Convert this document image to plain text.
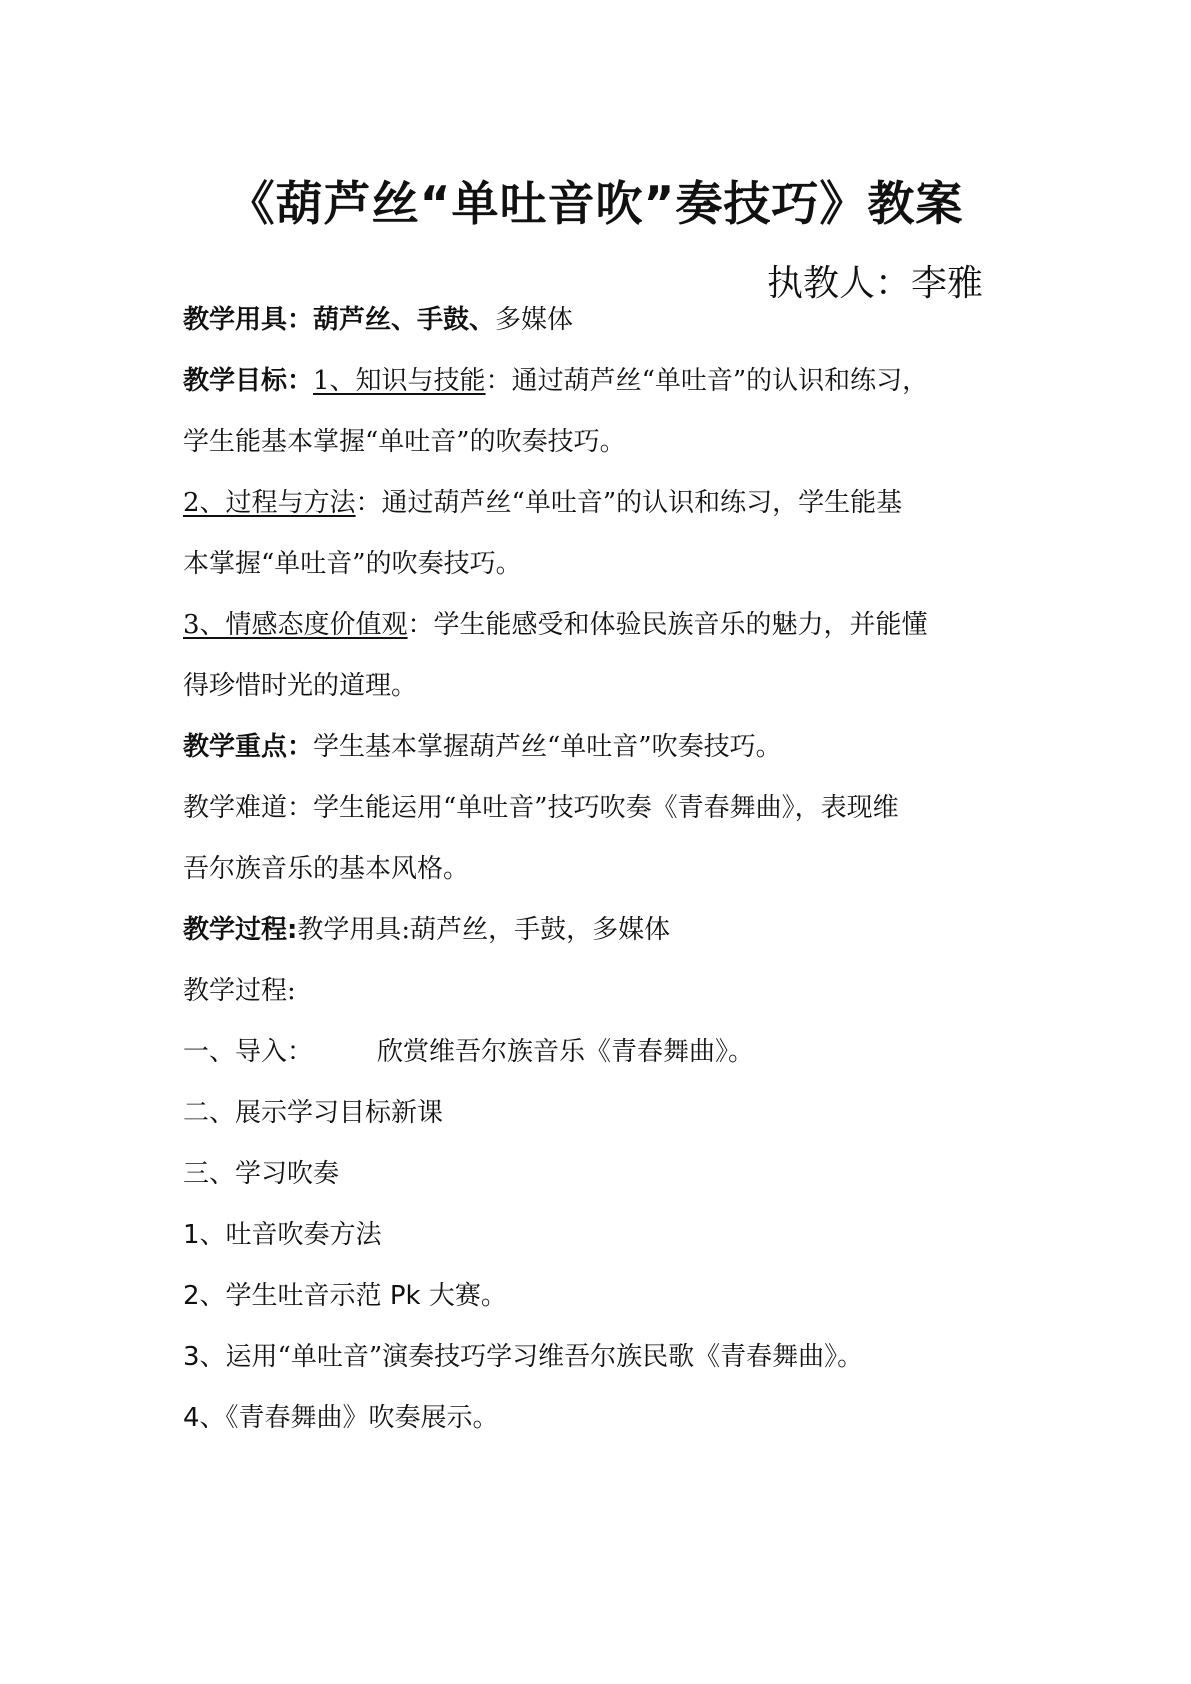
《葫芦丝“单吐音吹”奏技巧》教案
执教人：李雅
教学用具：葫芦丝、手鼓、多媒体
教学目标：1、知识与技能：通过葫芦丝“单吐音”的认识和练习，
学生能基本掌握“单吐音”的吹奏技巧。
2、过程与方法：通过葫芦丝“单吐音”的认识和练习，学生能基
本掌握“单吐音”的吹奏技巧。
3、情感态度价值观：学生能感受和体验民族音乐的魅力，并能懂
得珍惜时光的道理。
教学重点：学生基本掌握葫芦丝“单吐音”吹奏技巧。
教学难道：学生能运用“单吐音”技巧吹奏《青春舞曲》，表现维
吾尔族音乐的基本风格。
教学过程:教学用具:葫芦丝，手鼓，多媒体
教学过程:
一、导入： 欣赏维吾尔族音乐《青春舞曲》。
二、展示学习目标新课
三、学习吹奏
1、吐音吹奏方法
2、学生吐音示范 Pk 大赛。
3、运用“单吐音”演奏技巧学习维吾尔族民歌《青春舞曲》。
4、《青春舞曲》吹奏展示。
